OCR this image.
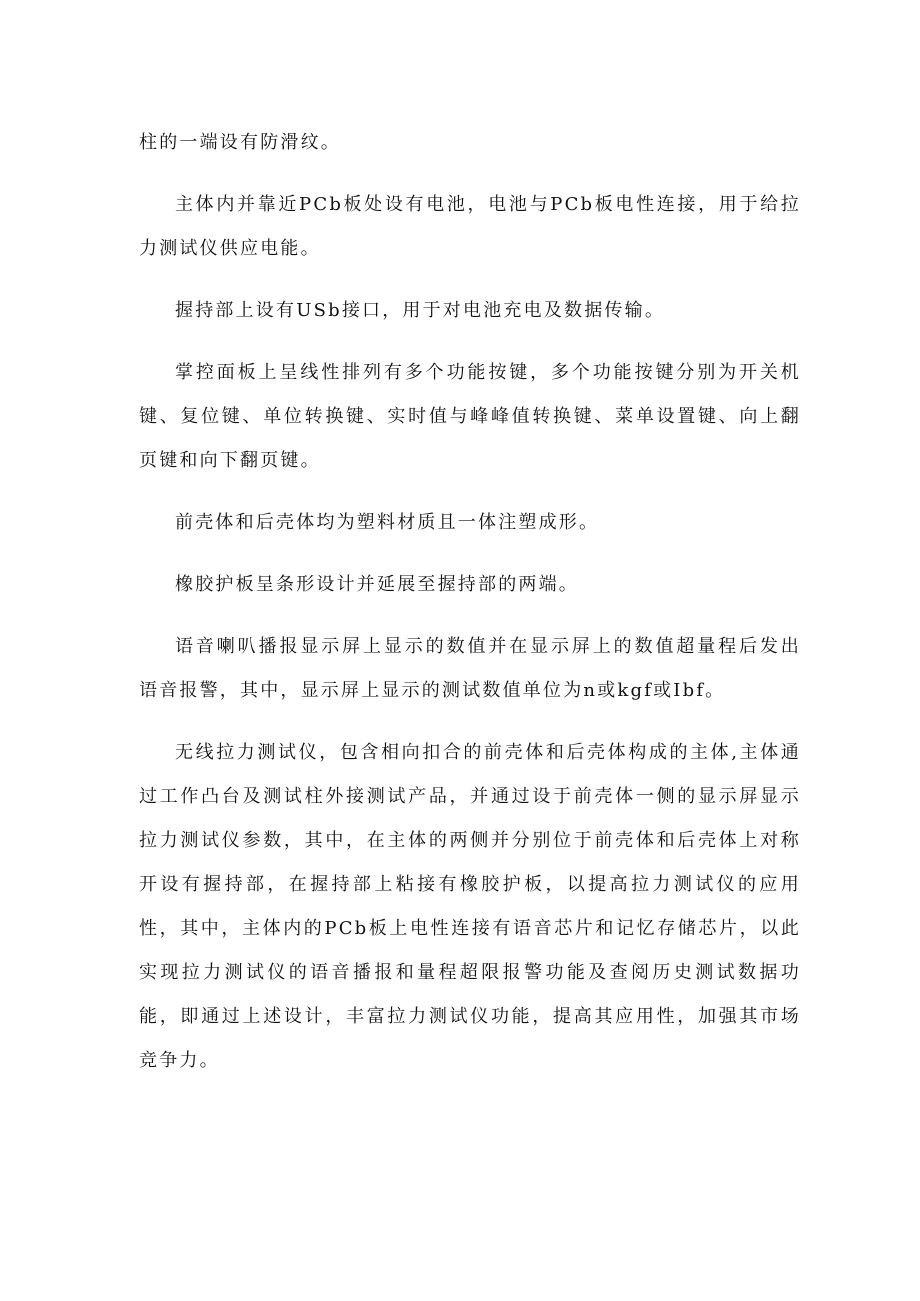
柱的一端设有防滑纹。

主体内并靠近PCb板处设有电池，电池与PCb板电性连接，用于给拉力测试仪供应电能。

握持部上设有USb接口，用于对电池充电及数据传输。

掌控面板上呈线性排列有多个功能按键，多个功能按键分别为开关机键、复位键、单位转换键、实时值与峰峰值转换键、菜单设置键、向上翻页键和向下翻页键。

前壳体和后壳体均为塑料材质且一体注塑成形。

橡胶护板呈条形设计并延展至握持部的两端。

语音喇叭播报显示屏上显示的数值并在显示屏上的数值超量程后发出语音报警，其中，显示屏上显示的测试数值单位为n或kgf或Ibf。

无线拉力测试仪，包含相向扣合的前壳体和后壳体构成的主体,主体通过工作凸台及测试柱外接测试产品，并通过设于前壳体一侧的显示屏显示拉力测试仪参数，其中，在主体的两侧并分别位于前壳体和后壳体上对称开设有握持部，在握持部上粘接有橡胶护板，以提高拉力测试仪的应用性，其中，主体内的PCb板上电性连接有语音芯片和记忆存储芯片，以此实现拉力测试仪的语音播报和量程超限报警功能及查阅历史测试数据功能，即通过上述设计，丰富拉力测试仪功能，提高其应用性，加强其市场竞争力。
